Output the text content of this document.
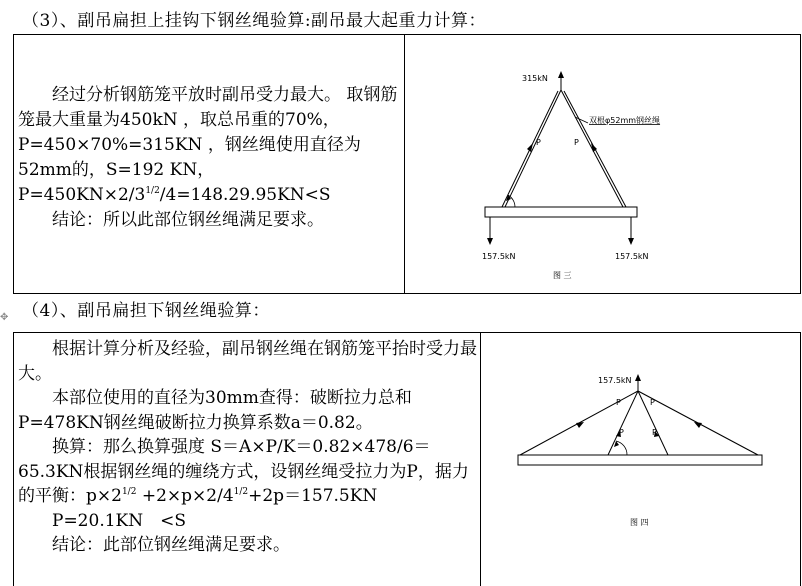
（3）、副吊扁担上挂钩下钢丝绳验算:副吊最大起重力计算：

经过分析钢筋笼平放时副吊受力最大。 取钢筋笼最大重量为450kN ，取总吊重的70%，P=450×70%=315KN ，钢丝绳使用直径为52mm的，S=192 KN，$P=450KN\times 2/3^{1/2}/4=148.29.95KN<S$

结论：所以此部位钢丝绳满足要求。

315kN
P	P
双根φ52mm钢丝绳
157.5kN	157.5kN
图 三
（4）、副吊扁担下钢丝绳验算：
✥

根据计算分析及经验，副吊钢丝绳在钢筋笼平抬时受力最大。

本部位使用的直径为30mm查得：破断拉力总和P=478KN钢丝绳破断拉力换算系数a＝0.82。

换算：那么换算强度 S＝A×P/K＝0.82×478/6＝65.3KN根据钢丝绳的缠绕方式，设钢丝绳受拉力为P，据力的平衡：$p\times 2^{1/2} +2\times p\times 2/4^{1/2}+2p=157.5KN$

P=20.1KN　<S

结论：此部位钢丝绳满足要求。

157.5kN
P	P
P	P
图 四
